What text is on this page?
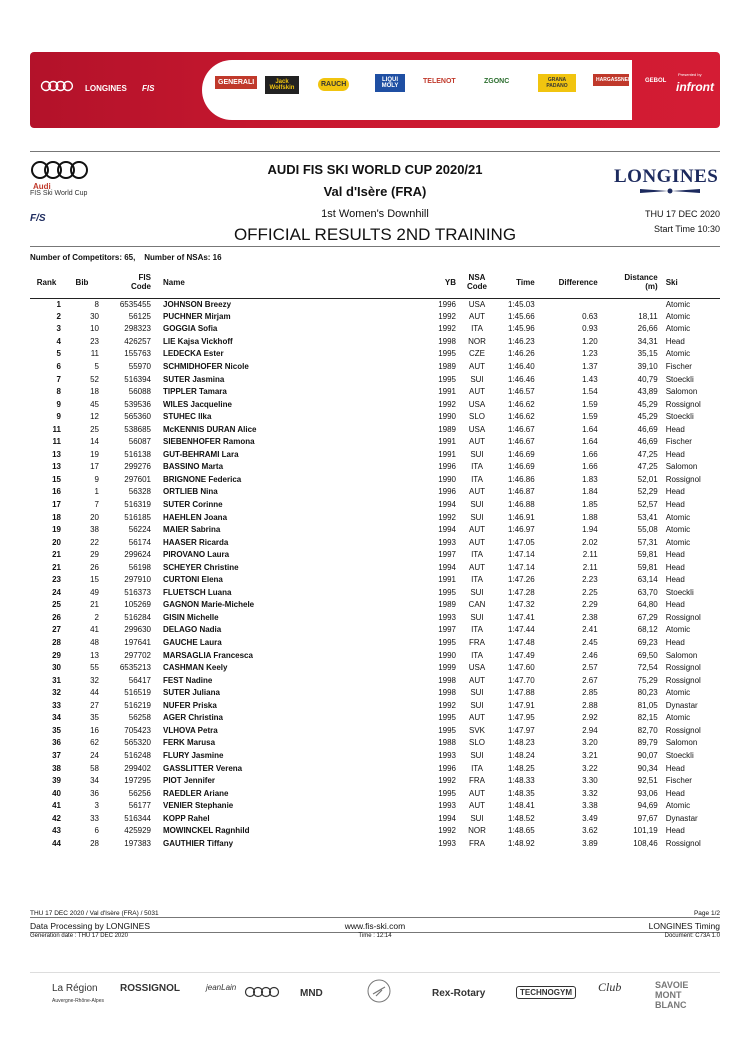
LONGINES FIS
GENERALI	Jack Wolfskin	RAUCH
LIQUI MOLY
TELENOT	ZGONC	GRANA PADANO
HARGASSNER GEBOL
Presented by
infront
Audi
FIS Ski World Cup
AUDI FIS SKI WORLD CUP 2020/21
Val d'Isère (FRA)
1st Women's Downhill
OFFICIAL RESULTS 2ND TRAINING
LONGINES
F/S	THU 17 DEC 2020
Start Time 10:30
Number of Competitors: 65, Number of NSAs: 16
Rank	Bib	FIS
Code	Name	YB	NSA
Code	Time	Difference	Distance
(m)	Ski
1	8	6535455	JOHNSON Breezy	1996	USA	1:45.03			Atomic
2	30	56125	PUCHNER Mirjam	1992	AUT	1:45.66	0.63	18,11	Atomic
3	10	298323	GOGGIA Sofia	1992	ITA	1:45.96	0.93	26,66	Atomic
4	23	426257	LIE Kajsa Vickhoff	1998	NOR	1:46.23	1.20	34,31	Head
5	11	155763	LEDECKA Ester	1995	CZE	1:46.26	1.23	35,15	Atomic
6	5	55970	SCHMIDHOFER Nicole	1989	AUT	1:46.40	1.37	39,10	Fischer
7	52	516394	SUTER Jasmina	1995	SUI	1:46.46	1.43	40,79	Stoeckli
8	18	56088	TIPPLER Tamara	1991	AUT	1:46.57	1.54	43,89	Salomon
9	45	539536	WILES Jacqueline	1992	USA	1:46.62	1.59	45,29	Rossignol
9	12	565360	STUHEC Ilka	1990	SLO	1:46.62	1.59	45,29	Stoeckli
11	25	538685	McKENNIS DURAN Alice	1989	USA	1:46.67	1.64	46,69	Head
11	14	56087	SIEBENHOFER Ramona	1991	AUT	1:46.67	1.64	46,69	Fischer
13	19	516138	GUT-BEHRAMI Lara	1991	SUI	1:46.69	1.66	47,25	Head
13	17	299276	BASSINO Marta	1996	ITA	1:46.69	1.66	47,25	Salomon
15	9	297601	BRIGNONE Federica	1990	ITA	1:46.86	1.83	52,01	Rossignol
16	1	56328	ORTLIEB Nina	1996	AUT	1:46.87	1.84	52,29	Head
17	7	516319	SUTER Corinne	1994	SUI	1:46.88	1.85	52,57	Head
18	20	516185	HAEHLEN Joana	1992	SUI	1:46.91	1.88	53,41	Atomic
19	38	56224	MAIER Sabrina	1994	AUT	1:46.97	1.94	55,08	Atomic
20	22	56174	HAASER Ricarda	1993	AUT	1:47.05	2.02	57,31	Atomic
21	29	299624	PIROVANO Laura	1997	ITA	1:47.14	2.11	59,81	Head
21	26	56198	SCHEYER Christine	1994	AUT	1:47.14	2.11	59,81	Head
23	15	297910	CURTONI Elena	1991	ITA	1:47.26	2.23	63,14	Head
24	49	516373	FLUETSCH Luana	1995	SUI	1:47.28	2.25	63,70	Stoeckli
25	21	105269	GAGNON Marie-Michele	1989	CAN	1:47.32	2.29	64,80	Head
26	2	516284	GISIN Michelle	1993	SUI	1:47.41	2.38	67,29	Rossignol
27	41	299630	DELAGO Nadia	1997	ITA	1:47.44	2.41	68,12	Atomic
28	48	197641	GAUCHE Laura	1995	FRA	1:47.48	2.45	69,23	Head
29	13	297702	MARSAGLIA Francesca	1990	ITA	1:47.49	2.46	69,50	Salomon
30	55	6535213	CASHMAN Keely	1999	USA	1:47.60	2.57	72,54	Rossignol
31	32	56417	FEST Nadine	1998	AUT	1:47.70	2.67	75,29	Rossignol
32	44	516519	SUTER Juliana	1998	SUI	1:47.88	2.85	80,23	Atomic
33	27	516219	NUFER Priska	1992	SUI	1:47.91	2.88	81,05	Dynastar
34	35	56258	AGER Christina	1995	AUT	1:47.95	2.92	82,15	Atomic
35	16	705423	VLHOVA Petra	1995	SVK	1:47.97	2.94	82,70	Rossignol
36	62	565320	FERK Marusa	1988	SLO	1:48.23	3.20	89,79	Salomon
37	24	516248	FLURY Jasmine	1993	SUI	1:48.24	3.21	90,07	Stoeckli
38	58	299402	GASSLITTER Verena	1996	ITA	1:48.25	3.22	90,34	Head
39	34	197295	PIOT Jennifer	1992	FRA	1:48.33	3.30	92,51	Fischer
40	36	56256	RAEDLER Ariane	1995	AUT	1:48.35	3.32	93,06	Head
41	3	56177	VENIER Stephanie	1993	AUT	1:48.41	3.38	94,69	Atomic
42	33	516344	KOPP Rahel	1994	SUI	1:48.52	3.49	97,67	Dynastar
43	6	425929	MOWINCKEL Ragnhild	1992	NOR	1:48.65	3.62	101,19	Head
44	28	197383	GAUTHIER Tiffany	1993	FRA	1:48.92	3.89	108,46	Rossignol
THU 17 DEC 2020 / Val d'Isère (FRA) / 5031	Page 1/2
Data Processing by LONGINES	www.fis-ski.com	LONGINES Timing
Generation date : THU 17 DEC 2020	Time : 12:14	Document: C73A 1.0
La Région
Auvergne-Rhône-Alpes
ROSSIGNOL	jeanLain
MND	Rex-Rotary	TECHNOGYM	Club	SAVOIE
MONT
BLANC
